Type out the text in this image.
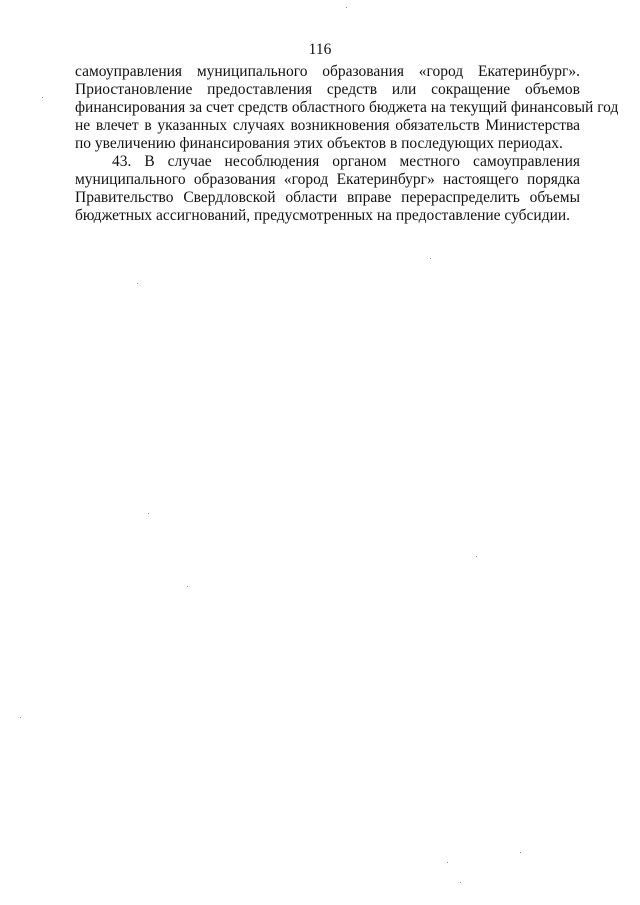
116
самоуправления муниципального образования «город Екатеринбург».
Приостановление предоставления средств или сокращение объемов
финансирования за счет средств областного бюджета на текущий финансовый год
не влечет в указанных случаях возникновения обязательств Министерства
по увеличению финансирования этих объектов в последующих периодах.
43. В случае несоблюдения органом местного самоуправления
муниципального образования «город Екатеринбург» настоящего порядка
Правительство Свердловской области вправе перераспределить объемы
бюджетных ассигнований, предусмотренных на предоставление субсидии.
